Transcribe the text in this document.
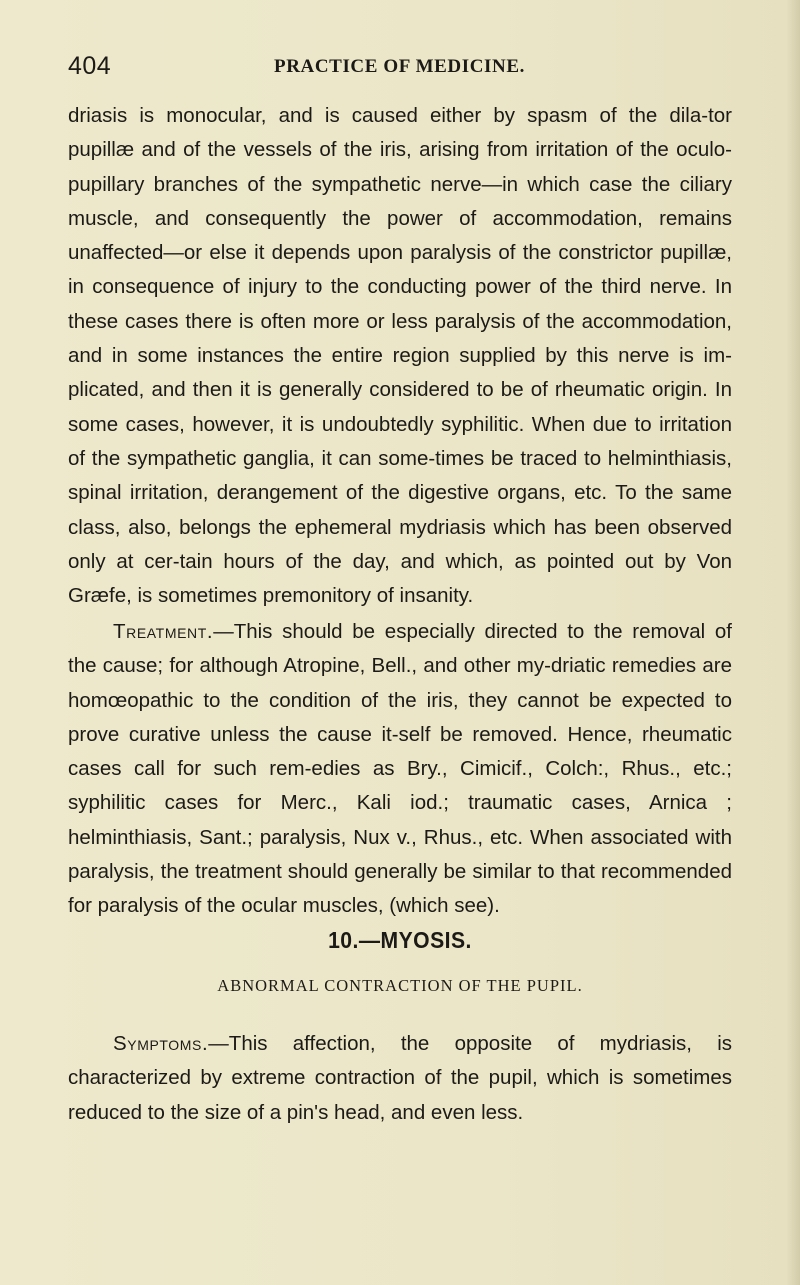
404	PRACTICE OF MEDICINE.

driasis is monocular, and is caused either by spasm of the dila-tor pupillæ and of the vessels of the iris, arising from irritation of the oculo-pupillary branches of the sympathetic nerve—in which case the ciliary muscle, and consequently the power of accommodation, remains unaffected—or else it depends upon paralysis of the constrictor pupillæ, in consequence of injury to the conducting power of the third nerve. In these cases there is often more or less paralysis of the accommodation, and in some instances the entire region supplied by this nerve is im-plicated, and then it is generally considered to be of rheumatic origin. In some cases, however, it is undoubtedly syphilitic. When due to irritation of the sympathetic ganglia, it can some-times be traced to helminthiasis, spinal irritation, derangement of the digestive organs, etc. To the same class, also, belongs the ephemeral mydriasis which has been observed only at cer-tain hours of the day, and which, as pointed out by Von Græfe, is sometimes premonitory of insanity.

Treatment.—This should be especially directed to the removal of the cause; for although Atropine, Bell., and other my-driatic remedies are homœopathic to the condition of the iris, they cannot be expected to prove curative unless the cause it-self be removed. Hence, rheumatic cases call for such rem-edies as Bry., Cimicif., Colch:, Rhus., etc.; syphilitic cases for Merc., Kali iod.; traumatic cases, Arnica ; helminthiasis, Sant.; paralysis, Nux v., Rhus., etc. When associated with paralysis, the treatment should generally be similar to that recommended for paralysis of the ocular muscles, (which see).

10.—MYOSIS.
ABNORMAL CONTRACTION OF THE PUPIL.

Symptoms.—This affection, the opposite of mydriasis, is characterized by extreme contraction of the pupil, which is sometimes reduced to the size of a pin's head, and even less.
